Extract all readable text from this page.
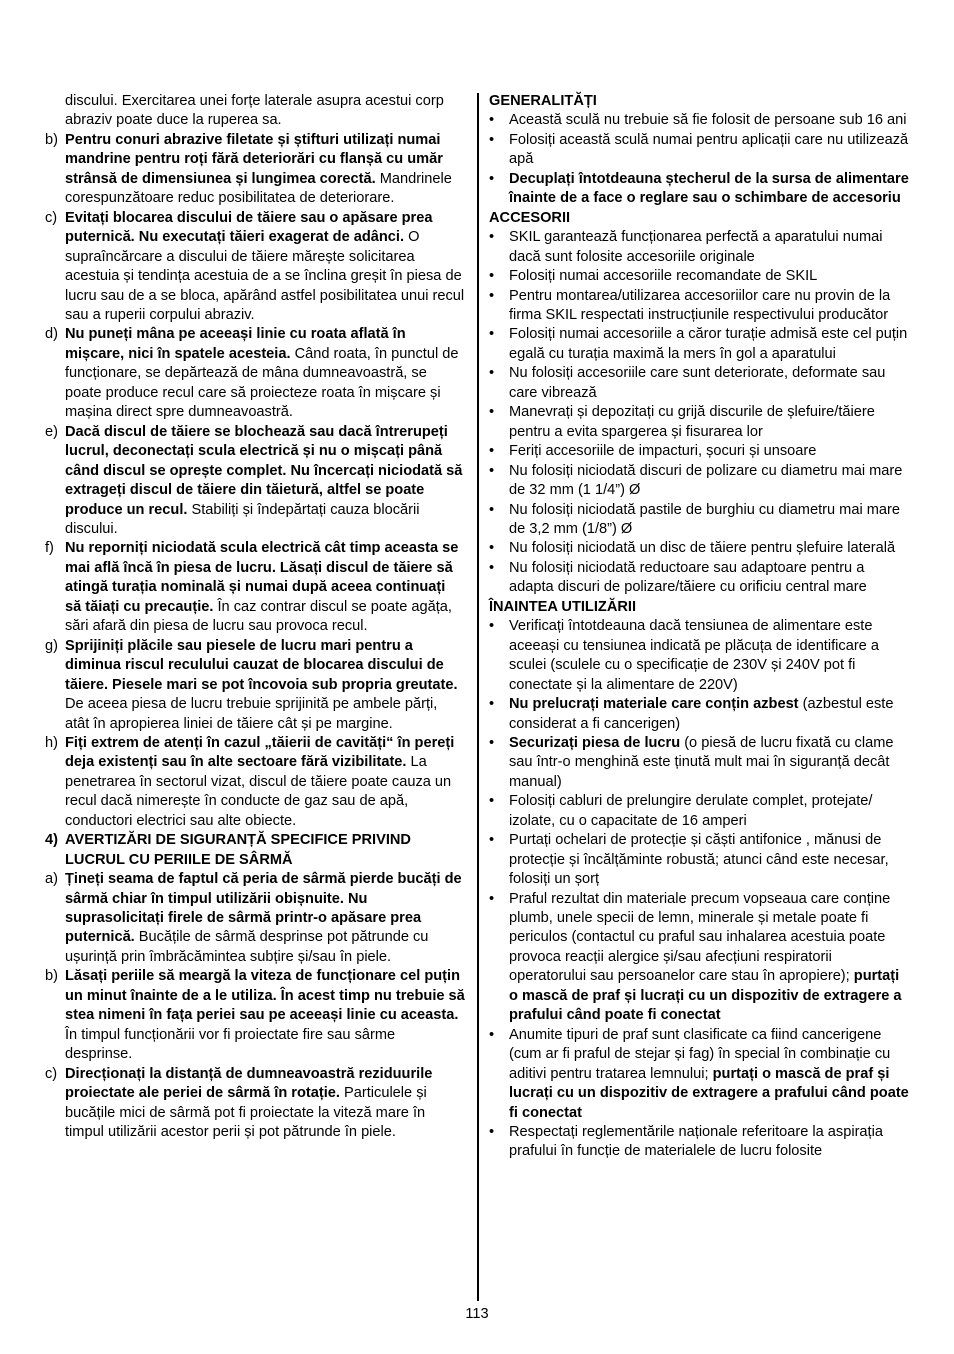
discului. Exercitarea unei forțe laterale asupra acestui corp abraziv poate duce la ruperea sa.
b) Pentru conuri abrazive filetate și știfturi utilizați numai mandrine pentru roți fără deteriorări cu flanșă cu umăr strânsă de dimensiunea și lungimea corectă. Mandrinele corespunzătoare reduc posibilitatea de deteriorare.
c) Evitați blocarea discului de tăiere sau o apăsare prea puternică. Nu executați tăieri exagerat de adânci. O supraîncărcare a discului de tăiere mărește solicitarea acestuia și tendința acestuia de a se înclina greșit în piesa de lucru sau de a se bloca, apărând astfel posibilitatea unui recul sau a ruperii corpului abraziv.
d) Nu puneți mâna pe aceeași linie cu roata aflată în mișcare, nici în spatele acesteia. Când roata, în punctul de funcționare, se depărtează de mâna dumneavoastră, se poate produce recul care să proiecteze roata în mișcare și mașina direct spre dumneavoastră.
e) Dacă discul de tăiere se blochează sau dacă întrerupeți lucrul, deconectați scula electrică și nu o mișcați până când discul se oprește complet. Nu încercați niciodată să extrageți discul de tăiere din tăietură, altfel se poate produce un recul. Stabiliți și îndepărtați cauza blocării discului.
f) Nu reporniți niciodată scula electrică cât timp aceasta se mai află încă în piesa de lucru. Lăsați discul de tăiere să atingă turația nominală și numai după aceea continuați să tăiați cu precauție. În caz contrar discul se poate agăța, sări afară din piesa de lucru sau provoca recul.
g) Sprijiniți plăcile sau piesele de lucru mari pentru a diminua riscul reculului cauzat de blocarea discului de tăiere. Piesele mari se pot încovoia sub propria greutate. De aceea piesa de lucru trebuie sprijinită pe ambele părți, atât în apropierea liniei de tăiere cât și pe margine.
h) Fiți extrem de atenți în cazul „tăierii de cavități“ în pereți deja existenți sau în alte sectoare fără vizibilitate. La penetrarea în sectorul vizat, discul de tăiere poate cauza un recul dacă nimerește în conducte de gaz sau de apă, conductori electrici sau alte obiecte.
4) AVERTIZĂRI DE SIGURANȚĂ SPECIFICE PRIVIND LUCRUL CU PERIILE DE SÂRMĂ
a) Țineți seama de faptul că peria de sârmă pierde bucăți de sârmă chiar în timpul utilizării obișnuite. Nu suprasolicitați firele de sârmă printr-o apăsare prea puternică. Bucățile de sârmă desprinse pot pătrunde cu ușurință prin îmbrăcămintea subțire și/sau în piele.
b) Lăsați periile să meargă la viteza de funcționare cel puțin un minut înainte de a le utiliza. În acest timp nu trebuie să stea nimeni în fața periei sau pe aceeași linie cu aceasta. În timpul funcționării vor fi proiectate fire sau sârme desprinse.
c) Direcționați la distanță de dumneavoastră reziduurile proiectate ale periei de sârmă în rotație. Particulele și bucățile mici de sârmă pot fi proiectate la viteză mare în timpul utilizării acestor perii și pot pătrunde în piele.
GENERALITĂȚI
•	Această sculă nu trebuie să fie folosit de persoane sub 16 ani
•	Folosiți această sculă numai pentru aplicații care nu utilizează apă
•	Decuplați întotdeauna ștecherul de la sursa de alimentare înainte de a face o reglare sau o schimbare de accesoriu
ACCESORII
•	SKIL garantează funcționarea perfectă a aparatului numai dacă sunt folosite accesoriile originale
•	Folosiți numai accesoriile recomandate de SKIL
•	Pentru montarea/utilizarea accesoriilor care nu provin de la firma SKIL respectati instrucțiunile respectivului producător
•	Folosiți numai accesoriile a căror turație admisă este cel puțin egală cu turația maximă la mers în gol a aparatului
•	Nu folosiți accesoriile care sunt deteriorate, deformate sau care vibrează
•	Manevrați și depozitați cu grijă discurile de șlefuire/tăiere pentru a evita spargerea și fisurarea lor
•	Feriți accesoriile de impacturi, șocuri și unsoare
•	Nu folosiți niciodată discuri de polizare cu diametru mai mare de 32 mm (1 1/4”) Ø
•	Nu folosiți niciodată pastile de burghiu cu diametru mai mare de 3,2 mm (1/8”) Ø
•	Nu folosiți niciodată un disc de tăiere pentru șlefuire laterală
•	Nu folosiți niciodată reductoare sau adaptoare pentru a adapta discuri de polizare/tăiere cu orificiu central mare
ÎNAINTEA UTILIZĂRII
•	Verificați întotdeauna dacă tensiunea de alimentare este aceeași cu tensiunea indicată pe plăcuța de identificare a sculei (sculele cu o specificație de 230V și 240V pot fi conectate și la alimentare de 220V)
•	Nu prelucrați materiale care conțin azbest (azbestul este considerat a fi cancerigen)
•	Securizați piesa de lucru (o piesă de lucru fixată cu clame sau într-o menghină este ținută mult mai în siguranță decât manual)
•	Folosiți cabluri de prelungire derulate complet, protejate/ izolate, cu o capacitate de 16 amperi
•	Purtați ochelari de protecție și căști antifonice , mănusi de protecție și încălțăminte robustă; atunci când este necesar, folosiți un șorț
•	Praful rezultat din materiale precum vopseaua care conține plumb, unele specii de lemn, minerale și metale poate fi periculos (contactul cu praful sau inhalarea acestuia poate provoca reacții alergice și/sau afecțiuni respiratorii operatorului sau persoanelor care stau în apropiere); purtați o mască de praf și lucrați cu un dispozitiv de extragere a prafului când poate fi conectat
•	Anumite tipuri de praf sunt clasificate ca fiind cancerigene (cum ar fi praful de stejar și fag) în special în combinație cu aditivi pentru tratarea lemnului; purtați o mască de praf și lucrați cu un dispozitiv de extragere a prafului când poate fi conectat
•	Respectați reglementările naționale referitoare la aspirația prafului în funcție de materialele de lucru folosite
113
